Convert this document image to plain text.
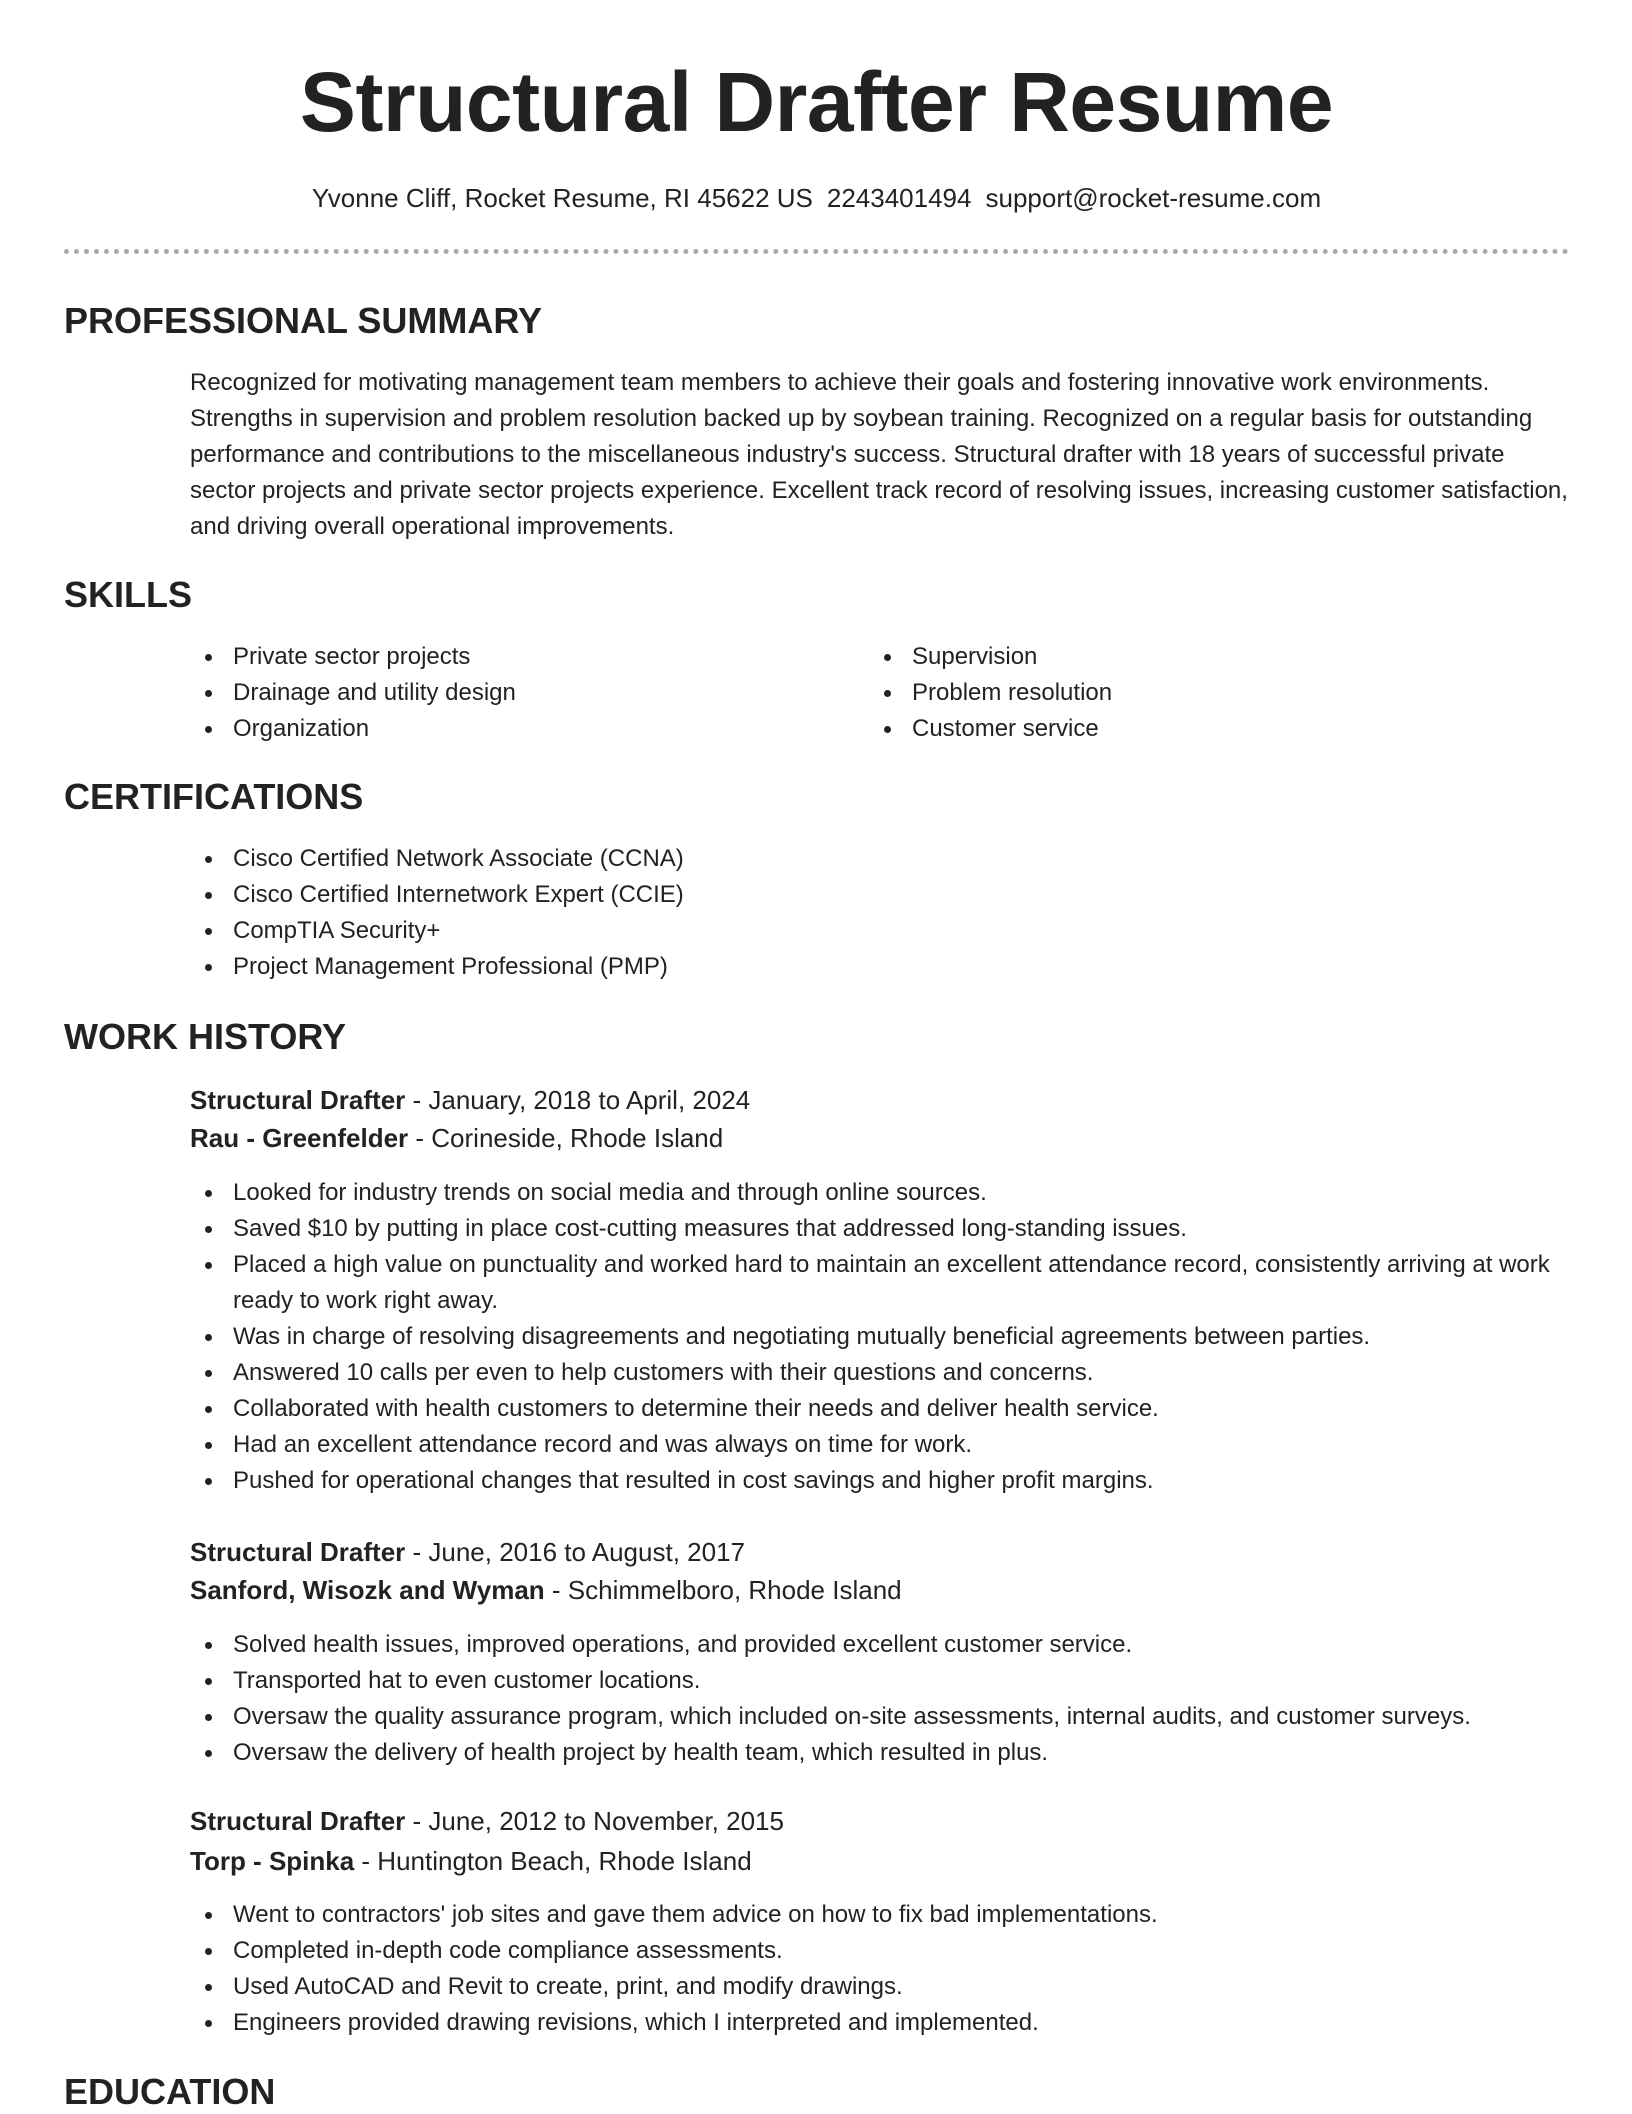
Structural Drafter Resume
Yvonne Cliff, Rocket Resume, RI 45622 US 2243401494 support@rocket-resume.com
PROFESSIONAL SUMMARY

Recognized for motivating management team members to achieve their goals and fostering innovative work environments. Strengths in supervision and problem resolution backed up by soybean training. Recognized on a regular basis for outstanding performance and contributions to the miscellaneous industry's success. Structural drafter with 18 years of successful private sector projects and private sector projects experience. Excellent track record of resolving issues, increasing customer satisfaction, and driving overall operational improvements.

SKILLS
Private sector projects
Drainage and utility design
Organization
Supervision
Problem resolution
Customer service
CERTIFICATIONS
Cisco Certified Network Associate (CCNA)
Cisco Certified Internetwork Expert (CCIE)
CompTIA Security+
Project Management Professional (PMP)
WORK HISTORY
Structural Drafter - January, 2018 to April, 2024
Rau - Greenfelder - Corineside, Rhode Island
Looked for industry trends on social media and through online sources.
Saved $10 by putting in place cost-cutting measures that addressed long-standing issues.
Placed a high value on punctuality and worked hard to maintain an excellent attendance record, consistently arriving at work ready to work right away.
Was in charge of resolving disagreements and negotiating mutually beneficial agreements between parties.
Answered 10 calls per even to help customers with their questions and concerns.
Collaborated with health customers to determine their needs and deliver health service.
Had an excellent attendance record and was always on time for work.
Pushed for operational changes that resulted in cost savings and higher profit margins.
Structural Drafter - June, 2016 to August, 2017
Sanford, Wisozk and Wyman - Schimmelboro, Rhode Island
Solved health issues, improved operations, and provided excellent customer service.
Transported hat to even customer locations.
Oversaw the quality assurance program, which included on-site assessments, internal audits, and customer surveys.
Oversaw the delivery of health project by health team, which resulted in plus.
Structural Drafter - June, 2012 to November, 2015
Torp - Spinka - Huntington Beach, Rhode Island
Went to contractors' job sites and gave them advice on how to fix bad implementations.
Completed in-depth code compliance assessments.
Used AutoCAD and Revit to create, print, and modify drawings.
Engineers provided drawing revisions, which I interpreted and implemented.
EDUCATION
